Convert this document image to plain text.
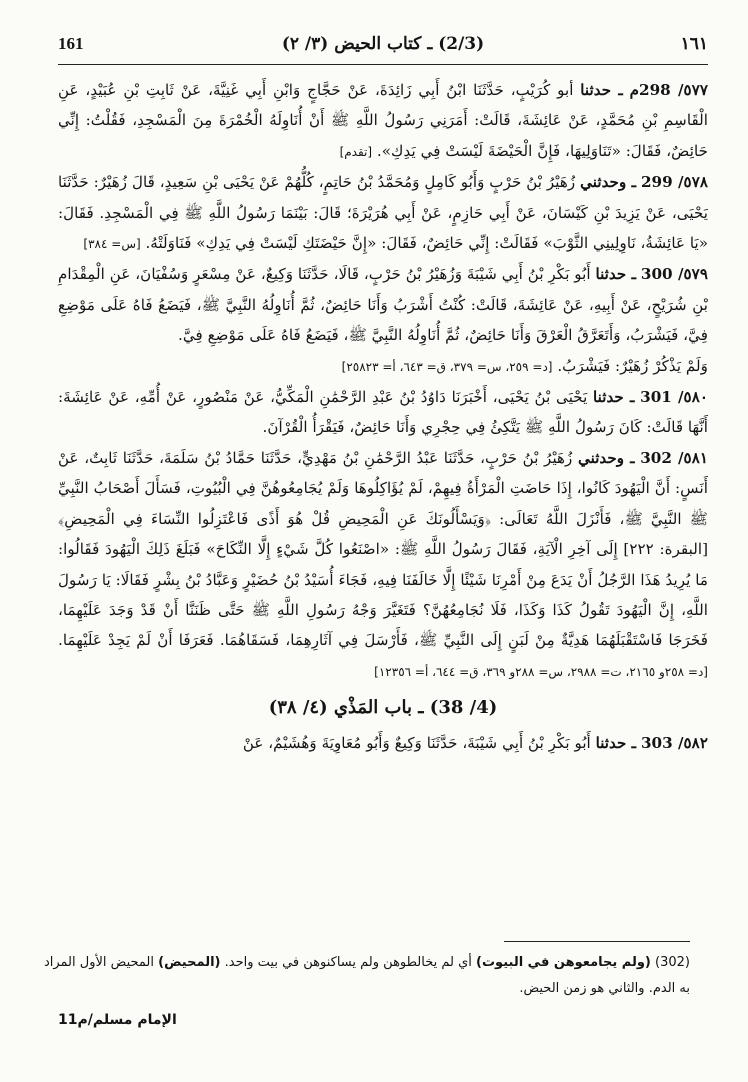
161	(2/3) ـ كتاب الحيض (٣/ ٢)	١٦١

٥٧٧/ 298م ـ حدثنا أبو كُرَيْبٍ، حَدَّثَنَا ابْنُ أَبِي زَائِدَةَ، عَنْ حَجَّاجٍ وَابْنِ أَبِي غَنِيَّةَ، عَنْ ثَابِتِ بْنِ عُبَيْدٍ، عَنِ الْقَاسِمِ بْنِ مُحَمَّدٍ، عَنْ عَائِشَةَ، قَالَتْ: أَمَرَنِي رَسُولُ اللَّهِ ﷺ أَنْ أُنَاوِلَهُ الْخُمْرَةَ مِنَ الْمَسْجِدِ، فَقُلْتُ: إِنِّي حَائِضٌ، فَقَالَ: «تَنَاوَلِيهَا، فَإِنَّ الْحَيْضَةَ لَيْسَتْ فِي يَدِكِ». [تقدم]

٥٧٨/ 299 ـ وحدثني زُهَيْرُ بْنُ حَرْبٍ وَأَبُو كَامِلٍ وَمُحَمَّدُ بْنُ حَاتِمٍ، كُلُّهُمْ عَنْ يَحْيَى بْنِ سَعِيدٍ، قَالَ زُهَيْرٌ: حَدَّثَنَا يَحْيَى، عَنْ يَزِيدَ بْنِ كَيْسَانَ، عَنْ أَبِي حَازِمٍ، عَنْ أَبِي هُرَيْرَةَ؛ قَالَ: بَيْنَمَا رَسُولُ اللَّهِ ﷺ فِي الْمَسْجِدِ. فَقَالَ: «يَا عَائِشَةُ، نَاوِلِينِي الثَّوْبَ» فَقَالَتْ: إِنِّي حَائِضٌ، فَقَالَ: «إِنَّ حَيْضَتَكِ لَيْسَتْ فِي يَدِكِ» فَنَاوَلَتْهُ. [س= ٣٨٤]

٥٧٩/ 300 ـ حدثنا أَبُو بَكْرِ بْنُ أَبِي شَيْبَةَ وَزُهَيْرُ بْنُ حَرْبٍ، قَالَا، حَدَّثَنَا وَكِيعٌ، عَنْ مِسْعَرٍ وَسُفْيَانَ، عَنِ الْمِقْدَامِ بْنِ شُرَيْحٍ، عَنْ أَبِيهِ، عَنْ عَائِشَةَ، قَالَتْ: كُنْتُ أَشْرَبُ وَأَنَا حَائِضٌ، ثُمَّ أُنَاوِلُهُ النَّبِيَّ ﷺ، فَيَضَعُ فَاهُ عَلَى مَوْضِعِ فِيَّ، فَيَشْرَبُ، وَأَتَعَرَّقُ الْعَرْقَ وَأَنَا حَائِضٌ، ثُمَّ أُنَاوِلُهُ النَّبِيَّ ﷺ، فَيَضَعُ فَاهُ عَلَى مَوْضِعِ فِيَّ.

وَلَمْ يَذْكُرْ زُهَيْرٌ: فَيَشْرَبُ. [د= ٢٥٩، س= ٣٧٩، ق= ٦٤٣، أ= ٢٥٨٢٣]

٥٨٠/ 301 ـ حدثنا يَحْيَى بْنُ يَحْيَى، أَخْبَرَنَا دَاوُدُ بْنُ عَبْدِ الرَّحْمَٰنِ الْمَكِّيُّ، عَنْ مَنْصُورٍ، عَنْ أُمِّهِ، عَنْ عَائِشَةَ: أَنَّهَا قَالَتْ: كَانَ رَسُولُ اللَّهِ ﷺ يَتَّكِئُ فِي حِجْرِي وَأَنَا حَائِضٌ، فَيَقْرَأُ الْقُرْآنَ.

٥٨١/ 302 ـ وحدثني زُهَيْرُ بْنُ حَرْبٍ، حَدَّثَنَا عَبْدُ الرَّحْمَٰنِ بْنُ مَهْدِيٍّ، حَدَّثَنَا حَمَّادُ بْنُ سَلَمَةَ، حَدَّثَنَا ثَابِتٌ، عَنْ أَنَسٍ: أَنَّ الْيَهُودَ كَانُوا، إِذَا حَاضَتِ الْمَرْأَةُ فِيهِمْ، لَمْ يُؤَاكِلُوهَا وَلَمْ يُجَامِعُوهُنَّ فِي الْبُيُوتِ، فَسَأَلَ أَصْحَابُ النَّبِيِّ ﷺ النَّبِيَّ ﷺ، فَأَنْزَلَ اللَّهُ تَعَالَى: ﴿وَيَسْأَلُونَكَ عَنِ الْمَحِيضِ قُلْ هُوَ أَذًى فَاعْتَزِلُوا النِّسَاءَ فِي الْمَحِيضِ﴾ [البقرة: ٢٢٢] إِلَى آخِرِ الْآيَةِ، فَقَالَ رَسُولُ اللَّهِ ﷺ: «اصْنَعُوا كُلَّ شَيْءٍ إِلَّا النِّكَاحَ» فَبَلَغَ ذَلِكَ الْيَهُودَ فَقَالُوا: مَا يُرِيدُ هَذَا الرَّجُلُ أَنْ يَدَعَ مِنْ أَمْرِنَا شَيْئًا إِلَّا خَالَفَنَا فِيهِ، فَجَاءَ أُسَيْدُ بْنُ حُضَيْرٍ وَعَبَّادُ بْنُ بِشْرٍ فَقَالَا: يَا رَسُولَ اللَّهِ، إِنَّ الْيَهُودَ تَقُولُ كَذَا وَكَذَا، فَلَا نُجَامِعُهُنَّ؟ فَتَغَيَّرَ وَجْهُ رَسُولِ اللَّهِ ﷺ حَتَّى ظَنَنَّا أَنْ قَدْ وَجَدَ عَلَيْهِمَا، فَخَرَجَا فَاسْتَقْبَلَهُمَا هَدِيَّةٌ مِنْ لَبَنٍ إِلَى النَّبِيِّ ﷺ، فَأَرْسَلَ فِي آثَارِهِمَا، فَسَقَاهُمَا. فَعَرَفَا أَنْ لَمْ يَجِدْ عَلَيْهِمَا. [د= ٢٥٨و ٢١٦٥، ت= ٢٩٨٨، س= ٢٨٨و ٣٦٩، ق= ٦٤٤، أ= ١٢٣٥٦]

(4/ 38) ـ باب المَذْي (٤/ ٣٨)

٥٨٢/ 303 ـ حدثنا أَبُو بَكْرِ بْنُ أَبِي شَيْبَةَ، حَدَّثَنَا وَكِيعٌ وَأَبُو مُعَاوِيَةَ وَهُشَيْمٌ، عَنْ

(302) (ولم يجامعوهن في البيوت) أي لم يخالطوهن ولم يساكنوهن في بيت واحد. (المحيض) المحيض الأول المراد به الدم. والثاني هو زمن الحيض.

الإمام مسلم/م11
